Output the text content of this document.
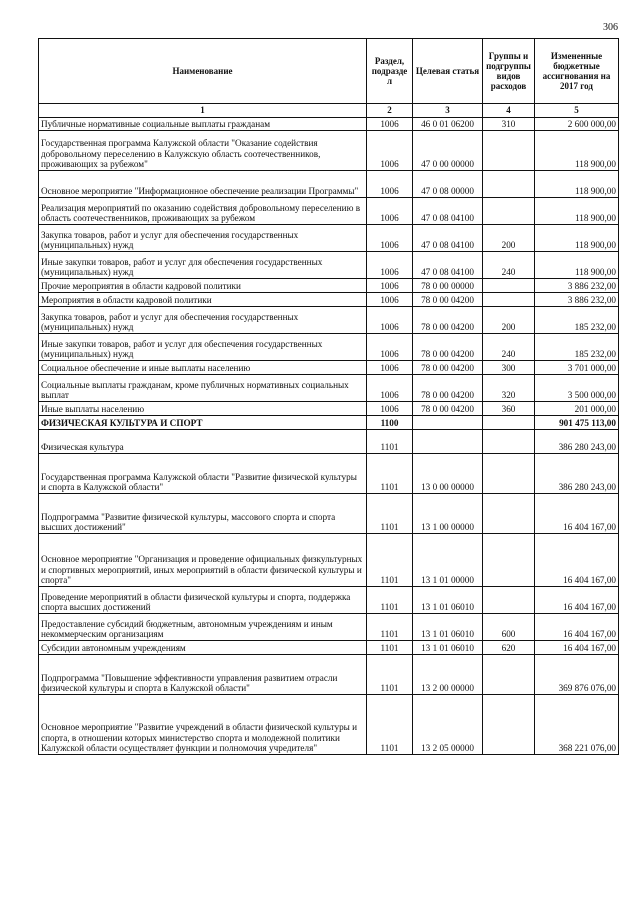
306
Наименование	Раздел, подразде л	Целевая статья	Группы и подгруппы видов расходов	Измененные бюджетные ассигнования на 2017 год
1	2	3	4	5
Публичные нормативные социальные выплаты гражданам	1006	46 0 01 06200	310	2 600 000,00
Государственная программа Калужской области "Оказание содействия добровольному переселению в Калужскую область соотечественников, проживающих за рубежом"	1006	47 0 00 00000		118 900,00
Основное мероприятие "Информационное обеспечение реализации Программы"	1006	47 0 08 00000		118 900,00
Реализация мероприятий по оказанию содействия добровольному переселению в область соотечественников, проживающих за рубежом	1006	47 0 08 04100		118 900,00
Закупка товаров, работ и услуг для обеспечения государственных (муниципальных) нужд	1006	47 0 08 04100	200	118 900,00
Иные закупки товаров, работ и услуг для обеспечения государственных (муниципальных) нужд	1006	47 0 08 04100	240	118 900,00
Прочие мероприятия в области кадровой политики	1006	78 0 00 00000		3 886 232,00
Мероприятия в области кадровой политики	1006	78 0 00 04200		3 886 232,00
Закупка товаров, работ и услуг для обеспечения государственных (муниципальных) нужд	1006	78 0 00 04200	200	185 232,00
Иные закупки товаров, работ и услуг для обеспечения государственных (муниципальных) нужд	1006	78 0 00 04200	240	185 232,00
Социальное обеспечение и иные выплаты населению	1006	78 0 00 04200	300	3 701 000,00
Социальные выплаты гражданам, кроме публичных нормативных социальных выплат	1006	78 0 00 04200	320	3 500 000,00
Иные выплаты населению	1006	78 0 00 04200	360	201 000,00
ФИЗИЧЕСКАЯ КУЛЬТУРА И СПОРТ	1100			901 475 113,00
Физическая культура	1101			386 280 243,00
Государственная программа Калужской области "Развитие физической культуры и спорта в Калужской области"	1101	13 0 00 00000		386 280 243,00
Подпрограмма "Развитие физической культуры, массового спорта и спорта высших достижений"	1101	13 1 00 00000		16 404 167,00
Основное мероприятие "Организация и проведение официальных физкультурных и спортивных мероприятий, иных мероприятий в области физической культуры и спорта"	1101	13 1 01 00000		16 404 167,00
Проведение мероприятий в области физической культуры и спорта, поддержка спорта высших достижений	1101	13 1 01 06010		16 404 167,00
Предоставление субсидий бюджетным, автономным учреждениям и иным некоммерческим организациям	1101	13 1 01 06010	600	16 404 167,00
Субсидии автономным учреждениям	1101	13 1 01 06010	620	16 404 167,00
Подпрограмма "Повышение эффективности управления развитием отрасли физической культуры и спорта в Калужской области"	1101	13 2 00 00000		369 876 076,00
Основное мероприятие "Развитие учреждений в области физической культуры и спорта, в отношении которых министерство спорта и молодежной политики Калужской области осуществляет функции и полномочия учредителя"	1101	13 2 05 00000		368 221 076,00
